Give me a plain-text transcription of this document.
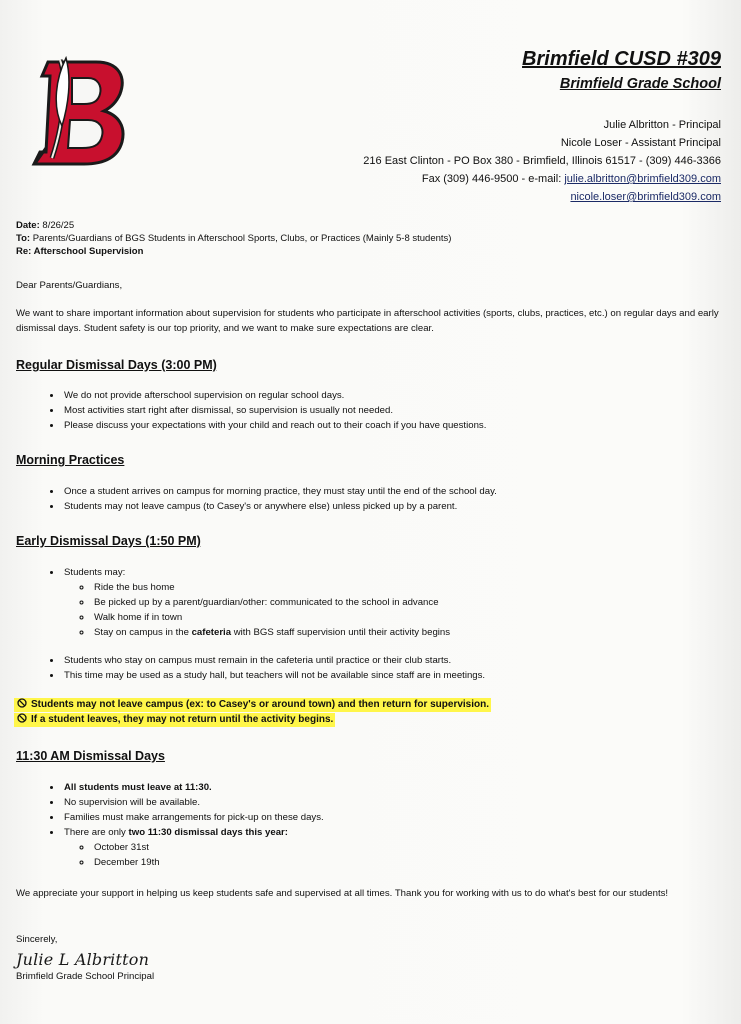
Brimfield CUSD #309
Brimfield Grade School
Julie Albritton - Principal
Nicole Loser - Assistant Principal
216 East Clinton - PO Box 380 - Brimfield, Illinois 61517 - (309) 446-3366
Fax (309) 446-9500 - e-mail: julie.albritton@brimfield309.com
nicole.loser@brimfield309.com
Date: 8/26/25
To: Parents/Guardians of BGS Students in Afterschool Sports, Clubs, or Practices (Mainly 5-8 students)
Re: Afterschool Supervision
Dear Parents/Guardians,
We want to share important information about supervision for students who participate in afterschool activities (sports, clubs, practices, etc.) on regular days and early dismissal days. Student safety is our top priority, and we want to make sure expectations are clear.
Regular Dismissal Days (3:00 PM)
• We do not provide afterschool supervision on regular school days.
• Most activities start right after dismissal, so supervision is usually not needed.
• Please discuss your expectations with your child and reach out to their coach if you have questions.
Morning Practices
• Once a student arrives on campus for morning practice, they must stay until the end of the school day.
• Students may not leave campus (to Casey's or anywhere else) unless picked up by a parent.
Early Dismissal Days (1:50 PM)
• Students may:
◦ Ride the bus home
◦ Be picked up by a parent/guardian/other: communicated to the school in advance
◦ Walk home if in town
◦ Stay on campus in the cafeteria with BGS staff supervision until their activity begins
• Students who stay on campus must remain in the cafeteria until practice or their club starts.
• This time may be used as a study hall, but teachers will not be available since staff are in meetings.
Students may not leave campus (ex: to Casey's or around town) and then return for supervision.
If a student leaves, they may not return until the activity begins.
11:30 AM Dismissal Days
• All students must leave at 11:30.
• No supervision will be available.
• Families must make arrangements for pick-up on these days.
• There are only two 11:30 dismissal days this year:
◦ October 31st
◦ December 19th
We appreciate your support in helping us keep students safe and supervised at all times. Thank you for working with us to do what's best for our students!
Sincerely,
Julie L Albritton
Brimfield Grade School Principal
